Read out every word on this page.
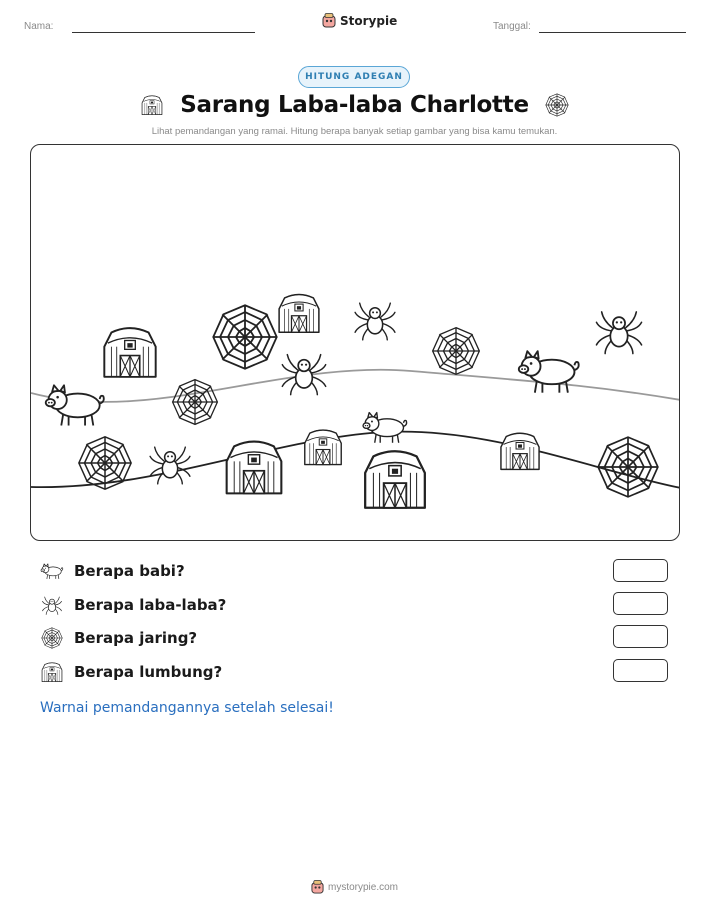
Nama:	Storypie	Tanggal:
HITUNG ADEGAN
Sarang Laba-laba Charlotte
Lihat pemandangan yang ramai. Hitung berapa banyak setiap gambar yang bisa kamu temukan.
Berapa babi?
Berapa laba-laba?
Berapa jaring?
Berapa lumbung?
Warnai pemandangannya setelah selesai!
mystorypie.com
